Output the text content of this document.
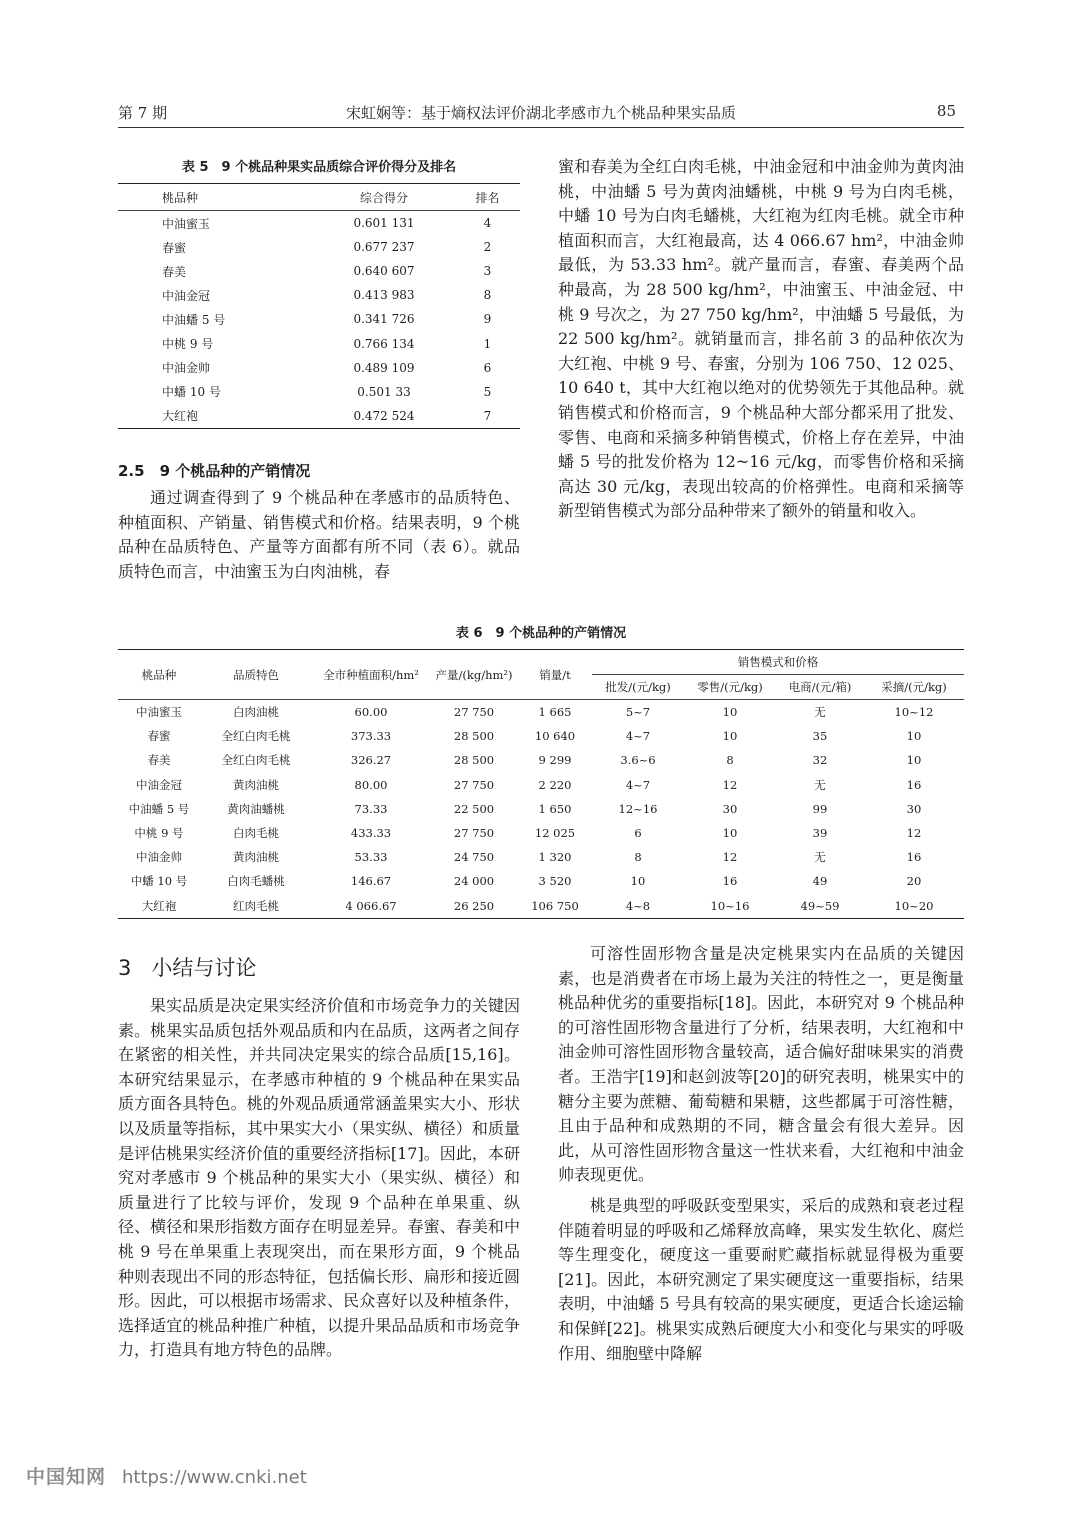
第 7 期	宋虹娴等：基于熵权法评价湖北孝感市九个桃品种果实品质	85
表 5　9 个桃品种果实品质综合评价得分及排名
桃品种	综合得分	排名
中油蜜玉	0.601 131	4
春蜜	0.677 237	2
春美	0.640 607	3
中油金冠	0.413 983	8
中油蟠 5 号	0.341 726	9
中桃 9 号	0.766 134	1
中油金帅	0.489 109	6
中蟠 10 号	0.501 33	5
大红袍	0.472 524	7
2.5　9 个桃品种的产销情况

通过调查得到了 9 个桃品种在孝感市的品质特色、种植面积、产销量、销售模式和价格。结果表明，9 个桃品种在品质特色、产量等方面都有所不同（表 6）。就品质特色而言，中油蜜玉为白肉油桃，春

蜜和春美为全红白肉毛桃，中油金冠和中油金帅为黄肉油桃，中油蟠 5 号为黄肉油蟠桃，中桃 9 号为白肉毛桃，中蟠 10 号为白肉毛蟠桃，大红袍为红肉毛桃。就全市种植面积而言，大红袍最高，达 4 066.67 hm²，中油金帅最低，为 53.33 hm²。就产量而言，春蜜、春美两个品种最高，为 28 500 kg/hm²，中油蜜玉、中油金冠、中桃 9 号次之，为 27 750 kg/hm²，中油蟠 5 号最低，为 22 500 kg/hm²。就销量而言，排名前 3 的品种依次为大红袍、中桃 9 号、春蜜，分别为 106 750、12 025、10 640 t，其中大红袍以绝对的优势领先于其他品种。就销售模式和价格而言，9 个桃品种大部分都采用了批发、零售、电商和采摘多种销售模式，价格上存在差异，中油蟠 5 号的批发价格为 12~16 元/kg，而零售价格和采摘高达 30 元/kg，表现出较高的价格弹性。电商和采摘等新型销售模式为部分品种带来了额外的销量和收入。

表 6　9 个桃品种的产销情况
桃品种	品质特色	全市种植面积/hm²	产量/(kg/hm²)	销量/t	销售模式和价格			
					批发/(元/kg)	零售/(元/kg)	电商/(元/箱)	采摘/(元/kg)
中油蜜玉	白肉油桃	60.00	27 750	1 665	5~7	10	无	10~12
春蜜	全红白肉毛桃	373.33	28 500	10 640	4~7	10	35	10
春美	全红白肉毛桃	326.27	28 500	9 299	3.6~6	8	32	10
中油金冠	黄肉油桃	80.00	27 750	2 220	4~7	12	无	16
中油蟠 5 号	黄肉油蟠桃	73.33	22 500	1 650	12~16	30	99	30
中桃 9 号	白肉毛桃	433.33	27 750	12 025	6	10	39	12
中油金帅	黄肉油桃	53.33	24 750	1 320	8	12	无	16
中蟠 10 号	白肉毛蟠桃	146.67	24 000	3 520	10	16	49	20
大红袍	红肉毛桃	4 066.67	26 250	106 750	4~8	10~16	49~59	10~20
3 小结与讨论

果实品质是决定果实经济价值和市场竞争力的关键因素。桃果实品质包括外观品质和内在品质，这两者之间存在紧密的相关性，并共同决定果实的综合品质[15,16]。本研究结果显示，在孝感市种植的 9 个桃品种在果实品质方面各具特色。桃的外观品质通常涵盖果实大小、形状以及质量等指标，其中果实大小（果实纵、横径）和质量是评估桃果实经济价值的重要经济指标[17]。因此，本研究对孝感市 9 个桃品种的果实大小（果实纵、横径）和质量进行了比较与评价，发现 9 个品种在单果重、纵径、横径和果形指数方面存在明显差异。春蜜、春美和中桃 9 号在单果重上表现突出，而在果形方面，9 个桃品种则表现出不同的形态特征，包括偏长形、扁形和接近圆形。因此，可以根据市场需求、民众喜好以及种植条件，选择适宜的桃品种推广种植，以提升果品品质和市场竞争力，打造具有地方特色的品牌。

可溶性固形物含量是决定桃果实内在品质的关键因素，也是消费者在市场上最为关注的特性之一，更是衡量桃品种优劣的重要指标[18]。因此，本研究对 9 个桃品种的可溶性固形物含量进行了分析，结果表明，大红袍和中油金帅可溶性固形物含量较高，适合偏好甜味果实的消费者。王浩宇[19]和赵剑波等[20]的研究表明，桃果实中的糖分主要为蔗糖、葡萄糖和果糖，这些都属于可溶性糖，且由于品种和成熟期的不同，糖含量会有很大差异。因此，从可溶性固形物含量这一性状来看，大红袍和中油金帅表现更优。

桃是典型的呼吸跃变型果实，采后的成熟和衰老过程伴随着明显的呼吸和乙烯释放高峰，果实发生软化、腐烂等生理变化，硬度这一重要耐贮藏指标就显得极为重要[21]。因此，本研究测定了果实硬度这一重要指标，结果表明，中油蟠 5 号具有较高的果实硬度，更适合长途运输和保鲜[22]。桃果实成熟后硬度大小和变化与果实的呼吸作用、细胞壁中降解

中国知网 https://www.cnki.net
